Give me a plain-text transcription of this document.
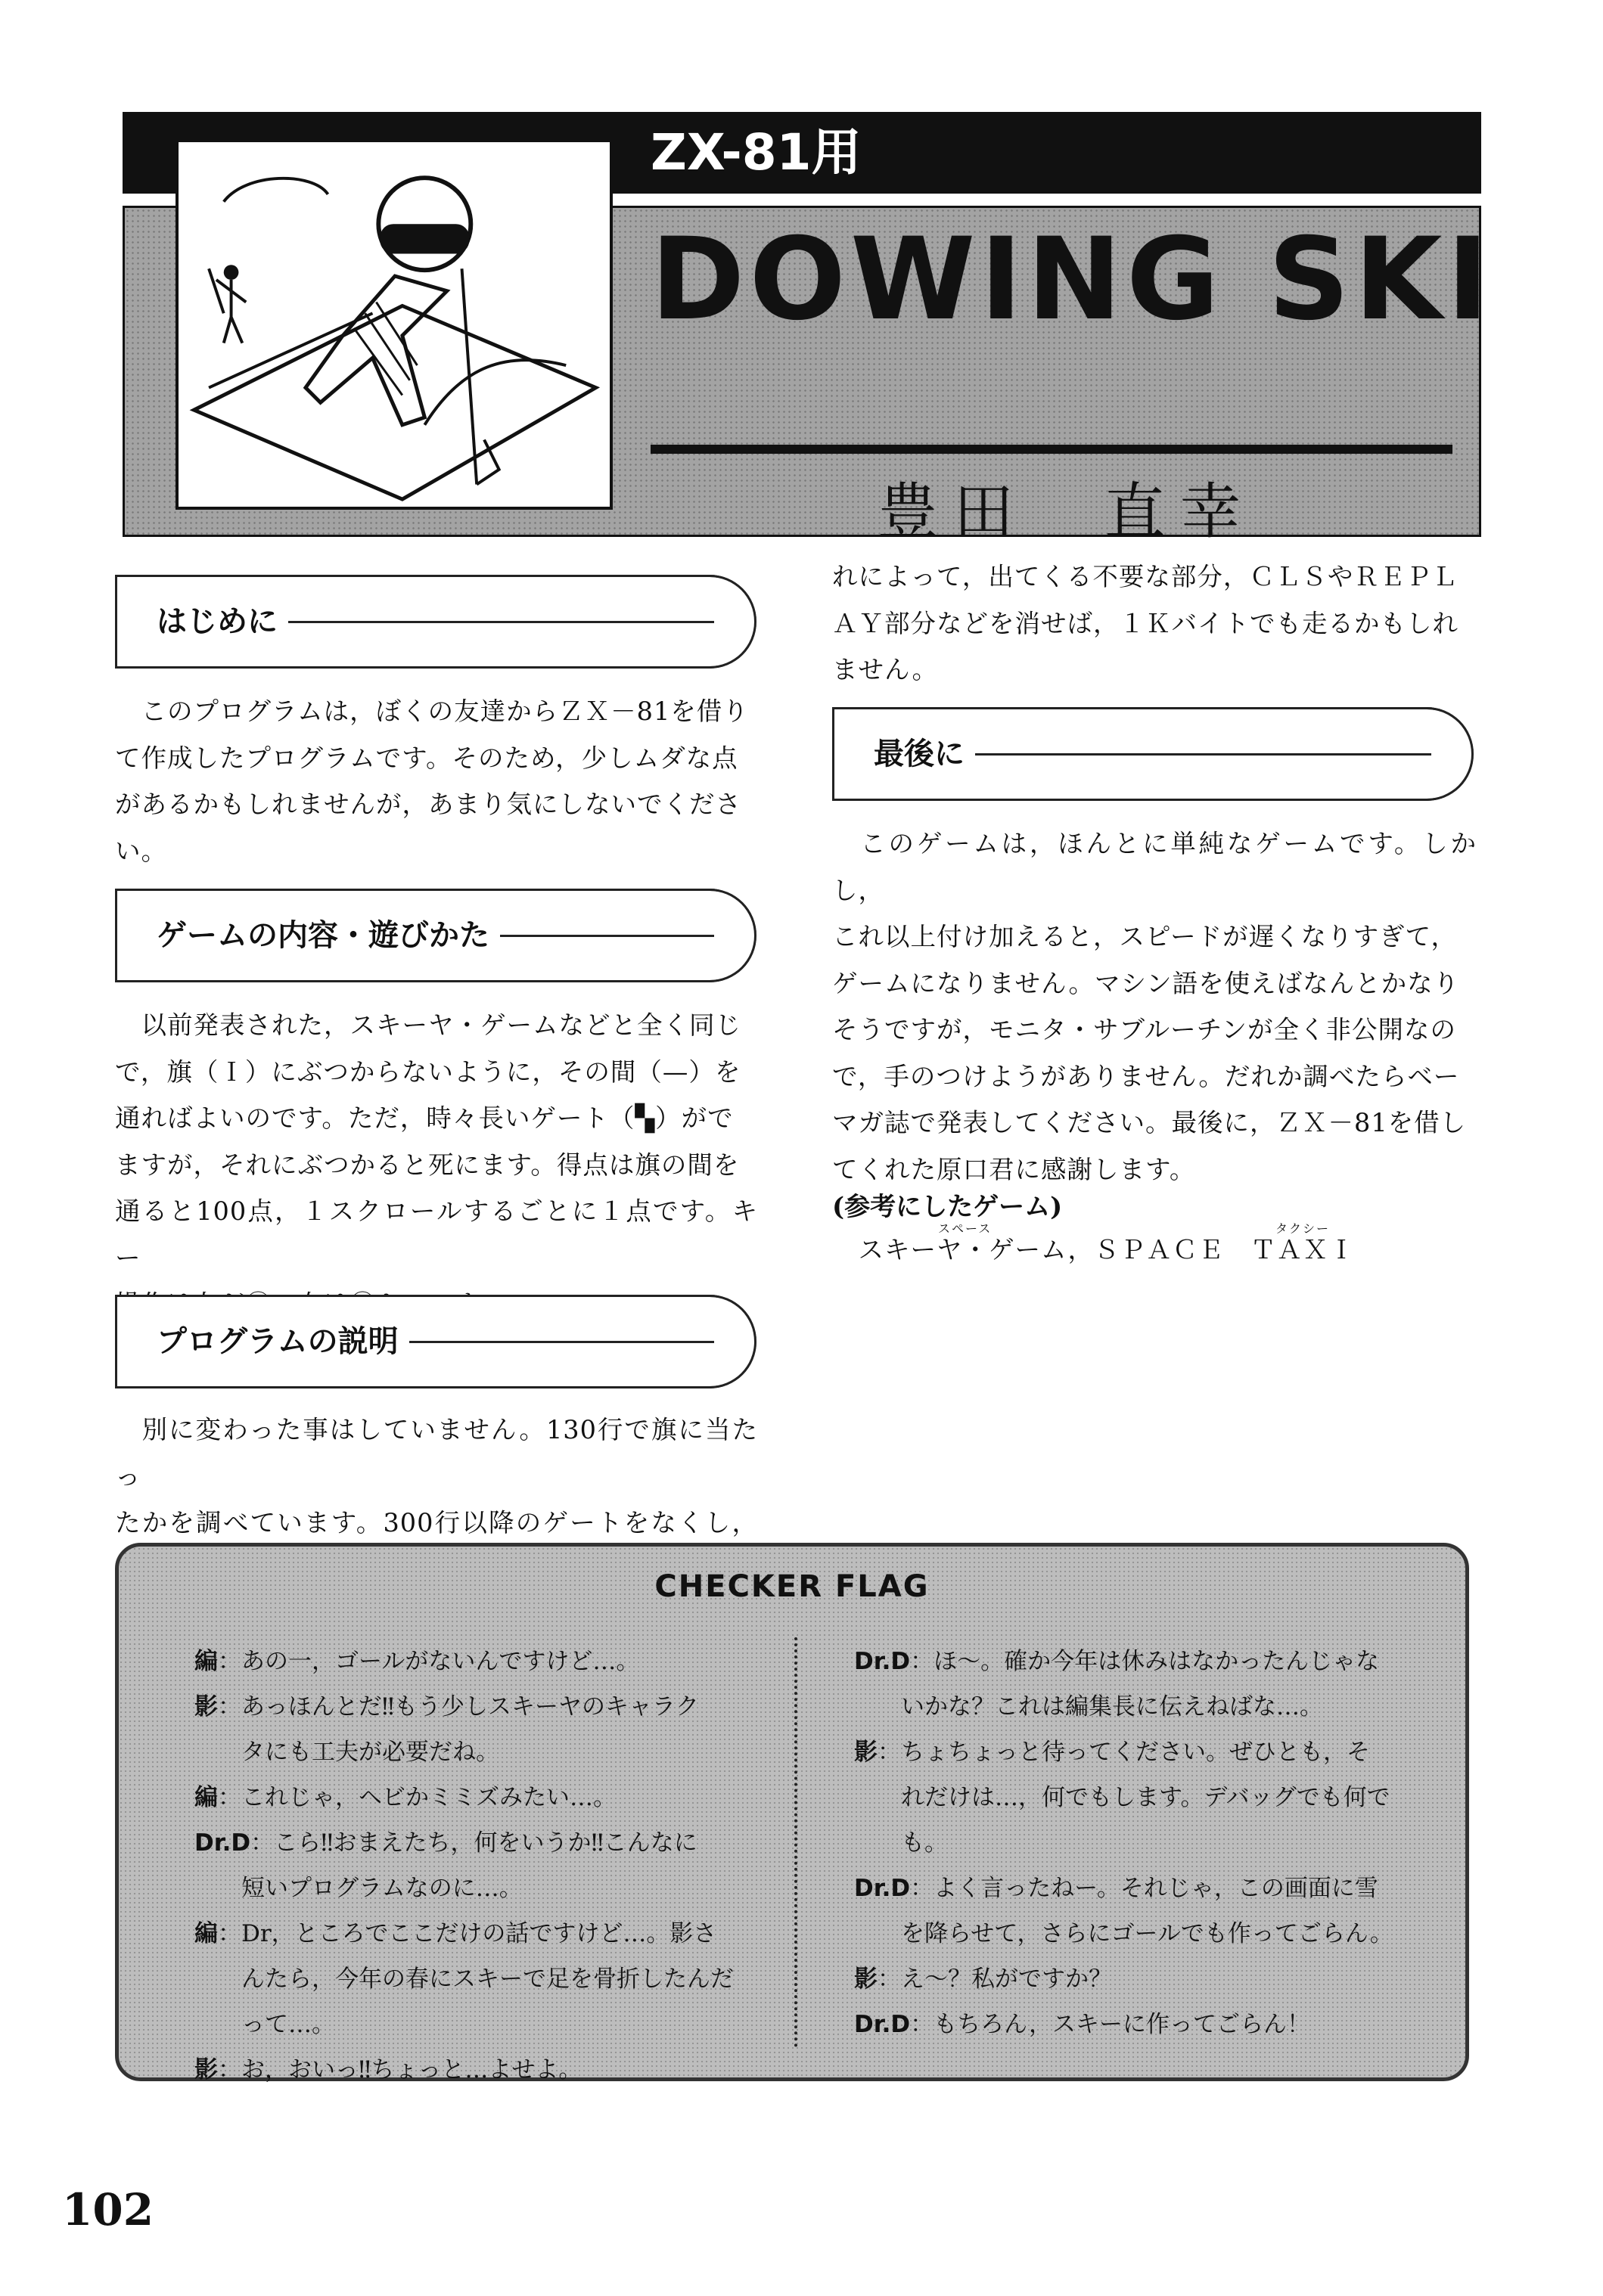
ZX-81用
DOWING SKI
豊田　直幸
はじめに
　このプログラムは，ぼくの友達からＺＸ－81を借り
て作成したプログラムです。そのため，少しムダな点
があるかもしれませんが，あまり気にしないでくださ
い。
ゲームの内容・遊びかた
　以前発表された，スキーヤ・ゲームなどと全く同じ
で，旗（Ｉ）にぶつからないように，その間（—）を
通ればよいのです。ただ，時々長いゲート（▚）がで
ますが，それにぶつかると死にます。得点は旗の間を
通ると100点，１スクロールするごとに１点です。キー
プログラムの説明
　別に変わった事はしていません。130行で旗に当たっ
たかを調べています。300行以降のゲートをなくし，
れによって，出てくる不要な部分，ＣＬＳやＲＥＰＬ
ＡＹ部分などを消せば，１Ｋバイトでも走るかもしれ
ません。
最後に
　このゲームは，ほんとに単純なゲームです。しかし，
これ以上付け加えると，スピードが遅くなりすぎて，
ゲームになりません。マシン語を使えばなんとかなり
そうですが，モニタ・サブルーチンが全く非公開なの
で，手のつけようがありません。だれか調べたらベー
マガ誌で発表してください。最後に，ＺＸ－81を借し
てくれた原口君に感謝します。
(参考にしたゲーム)
スペース	タクシー
　スキーヤ・ゲーム，ＳＰＡＣＥ　ＴＡＸＩ
CHECKER FLAG
編：あの一，ゴールがないんですけど…。
影：あっほんとだ‼もう少しスキーヤのキャラク
タにも工夫が必要だね。
編：これじゃ，ヘビかミミズみたい…。
Dr.D：こら‼おまえたち，何をいうか‼こんなに
短いプログラムなのに…。
編：Dr，ところでここだけの話ですけど…。影さ
んたら，今年の春にスキーで足を骨折したんだ
って…。
影：お，おいっ‼ちょっと…よせよ。
Dr.D：ほ～。確か今年は休みはなかったんじゃな
いかな？これは編集長に伝えねばな…。
影：ちょちょっと待ってください。ぜひとも，そ
れだけは…，何でもします。デバッグでも何で
も。
Dr.D：よく言ったねー。それじゃ，この画面に雪
を降らせて，さらにゴールでも作ってごらん。
影：え～？私がですか？
Dr.D：もちろん，スキーに作ってごらん！
102
